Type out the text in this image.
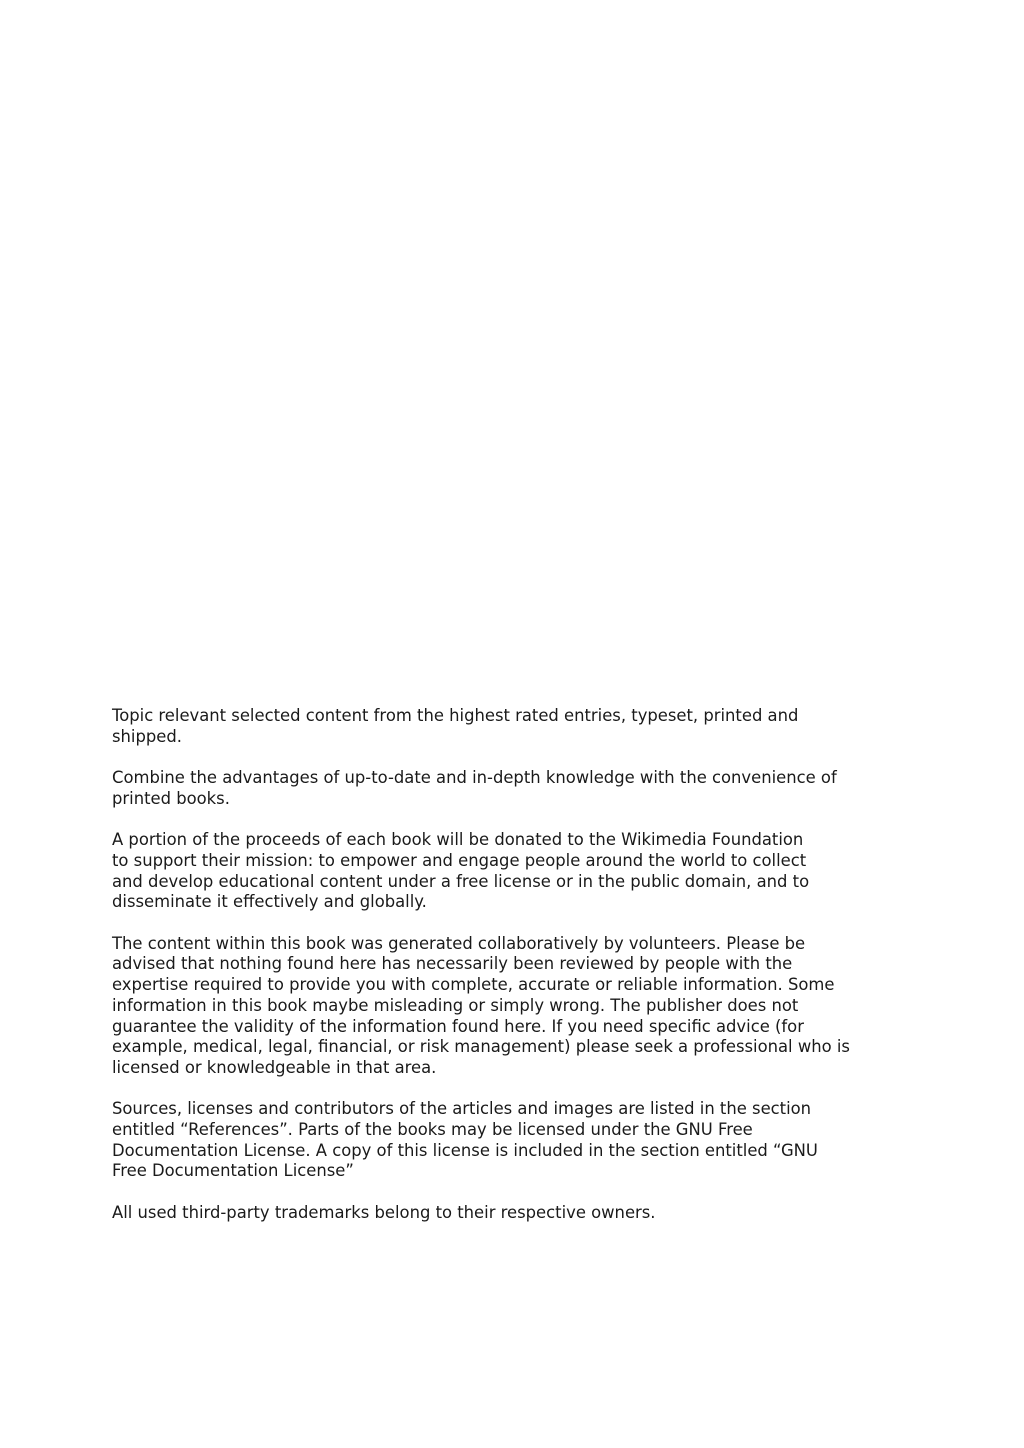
Topic relevant selected content from the highest rated entries, typeset, printed and
shipped.

Combine the advantages of up-to-date and in-depth knowledge with the convenience of
printed books.

A portion of the proceeds of each book will be donated to the Wikimedia Foundation
to support their mission: to empower and engage people around the world to collect
and develop educational content under a free license or in the public domain, and to
disseminate it effectively and globally.

The content within this book was generated collaboratively by volunteers. Please be
advised that nothing found here has necessarily been reviewed by people with the
expertise required to provide you with complete, accurate or reliable information. Some
information in this book maybe misleading or simply wrong. The publisher does not
guarantee the validity of the information found here. If you need specific advice (for
example, medical, legal, financial, or risk management) please seek a professional who is
licensed or knowledgeable in that area.

Sources, licenses and contributors of the articles and images are listed in the section
entitled “References”. Parts of the books may be licensed under the GNU Free
Documentation License. A copy of this license is included in the section entitled “GNU
Free Documentation License”

All used third-party trademarks belong to their respective owners.
